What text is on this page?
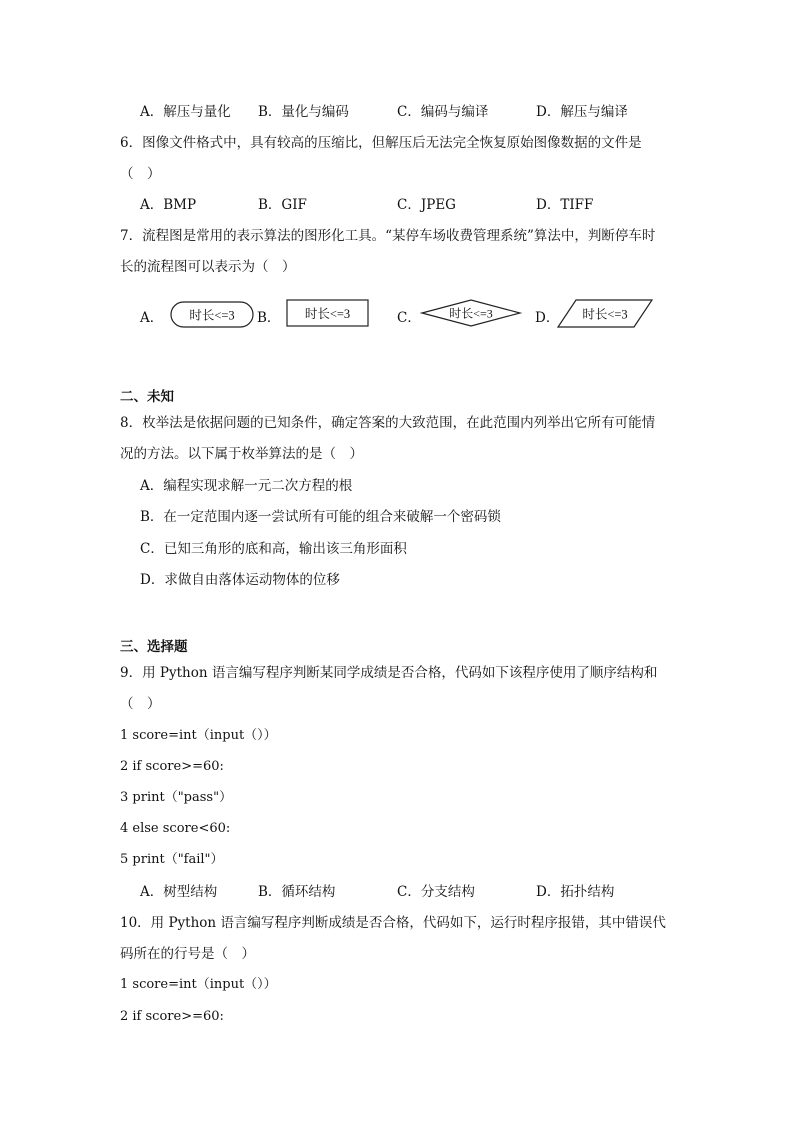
A．解压与量化 B．量化与编码	C．编码与编译	D．解压与编译
6．图像文件格式中，具有较高的压缩比，但解压后无法完全恢复原始图像数据的文件是
（　）
A．BMP	B．GIF	C．JPEG	D．TIFF
7．流程图是常用的表示算法的图形化工具。“某停车场收费管理系统”算法中，判断停车时
长的流程图可以表示为（　）
A． 时长<=3 B． 时长<=3	C． 时长<=3	D． 时长<=3
二、未知
8．枚举法是依据问题的已知条件，确定答案的大致范围，在此范围内列举出它所有可能情
况的方法。以下属于枚举算法的是（　）
A．编程实现求解一元二次方程的根
B．在一定范围内逐一尝试所有可能的组合来破解一个密码锁
C．已知三角形的底和高，输出该三角形面积
D．求做自由落体运动物体的位移
三、选择题
9．用 Python 语言编写程序判断某同学成绩是否合格，代码如下该程序使用了顺序结构和
（　）
1 score=int（input（））
2 if score>=60:
3 print（"pass"）
4 else score<60:
5 print（"fail"）
A．树型结构	B．循环结构	C．分支结构	D．拓扑结构
10．用 Python 语言编写程序判断成绩是否合格，代码如下，运行时程序报错，其中错误代
码所在的行号是（　）
1 score=int（input（））
2 if score>=60:
